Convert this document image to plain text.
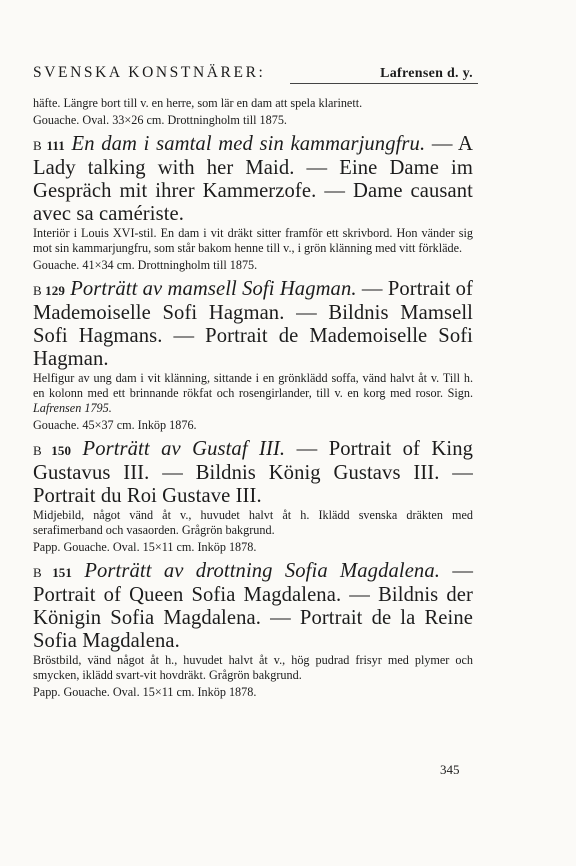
SVENSKA KONSTNÄRER:	Lafrensen d. y.

häfte. Längre bort till v. en herre, som lär en dam att spela klarinett.

Gouache. Oval. 33×26 cm. Drottningholm till 1875.

B 111 En dam i samtal med sin kammarjungfru. — A Lady talking with her Maid. — Eine Dame im Gespräch mit ihrer Kammerzofe. — Dame causant avec sa camériste.

Interiör i Louis XVI-stil. En dam i vit dräkt sitter framför ett skrivbord. Hon vänder sig mot sin kammarjungfru, som står bakom henne till v., i grön klänning med vitt förkläde.

Gouache. 41×34 cm. Drottningholm till 1875.

B 129 Porträtt av mamsell Sofi Hagman. — Portrait of Mademoiselle Sofi Hagman. — Bildnis Mamsell Sofi Hagmans. — Portrait de Mademoiselle Sofi Hagman.

Helfigur av ung dam i vit klänning, sittande i en grönklädd soffa, vänd halvt åt v. Till h. en kolonn med ett brinnande rökfat och rosengirlander, till v. en korg med rosor. Sign. Lafrensen 1795.

Gouache. 45×37 cm. Inköp 1876.

B 150 Porträtt av Gustaf III. — Portrait of King Gustavus III. — Bildnis König Gustavs III. — Portrait du Roi Gustave III.

Midjebild, något vänd åt v., huvudet halvt åt h. Iklädd svenska dräkten med serafimerband och vasaorden. Grågrön bakgrund.

Papp. Gouache. Oval. 15×11 cm. Inköp 1878.

B 151 Porträtt av drottning Sofia Magdalena. — Portrait of Queen Sofia Magdalena. — Bildnis der Königin Sofia Magdalena. — Portrait de la Reine Sofia Magdalena.

Bröstbild, vänd något åt h., huvudet halvt åt v., hög pudrad frisyr med plymer och smycken, iklädd svart-vit hovdräkt. Grågrön bakgrund.

Papp. Gouache. Oval. 15×11 cm. Inköp 1878.

345
